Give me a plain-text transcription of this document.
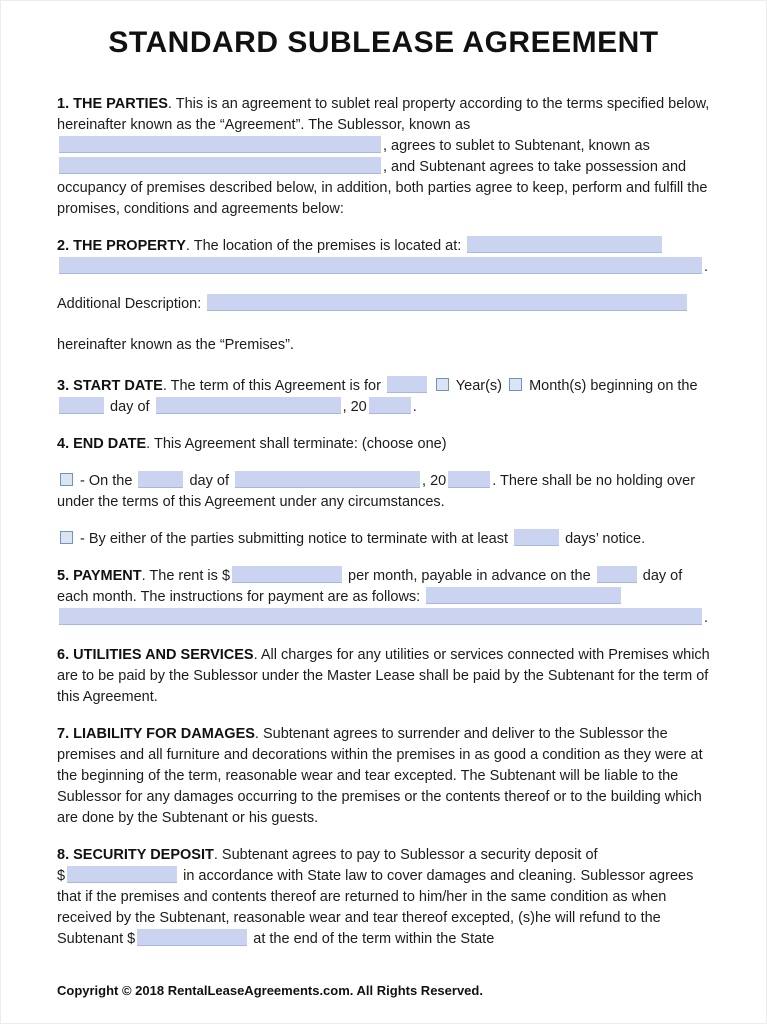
STANDARD SUBLEASE AGREEMENT

1. THE PARTIES. This is an agreement to sublet real property according to the terms specified below, hereinafter known as the “Agreement”. The Sublessor, known as , agrees to sublet to Subtenant, known as , and Subtenant agrees to take possession and occupancy of premises described below, in addition, both parties agree to keep, perform and fulfill the promises, conditions and agreements below:

2. THE PROPERTY. The location of the premises is located at:  .

Additional Description:

hereinafter known as the “Premises”.

3. START DATE. The term of this Agreement is for	Year(s) Month(s) beginning on the  day of	, 20	.

4. END DATE. This Agreement shall terminate: (choose one)

- On the	day of	, 20	. There shall be no holding over under the terms of this Agreement under any circumstances.

- By either of the parties submitting notice to terminate with at least	days’ notice.

5. PAYMENT. The rent is $	per month, payable in advance on the	day of each month. The instructions for payment are as follows:  .

6. UTILITIES AND SERVICES. All charges for any utilities or services connected with Premises which are to be paid by the Sublessor under the Master Lease shall be paid by the Subtenant for the term of this Agreement.

7. LIABILITY FOR DAMAGES. Subtenant agrees to surrender and deliver to the Sublessor the premises and all furniture and decorations within the premises in as good a condition as they were at the beginning of the term, reasonable wear and tear excepted. The Subtenant will be liable to the Sublessor for any damages occurring to the premises or the contents thereof or to the building which are done by the Subtenant or his guests.

8. SECURITY DEPOSIT. Subtenant agrees to pay to Sublessor a security deposit of $	in accordance with State law to cover damages and cleaning. Sublessor agrees that if the premises and contents thereof are returned to him/her in the same condition as when received by the Subtenant, reasonable wear and tear thereof excepted, (s)he will refund to the Subtenant $	at the end of the term within the State

Copyright © 2018 RentalLeaseAgreements.com. All Rights Reserved.
